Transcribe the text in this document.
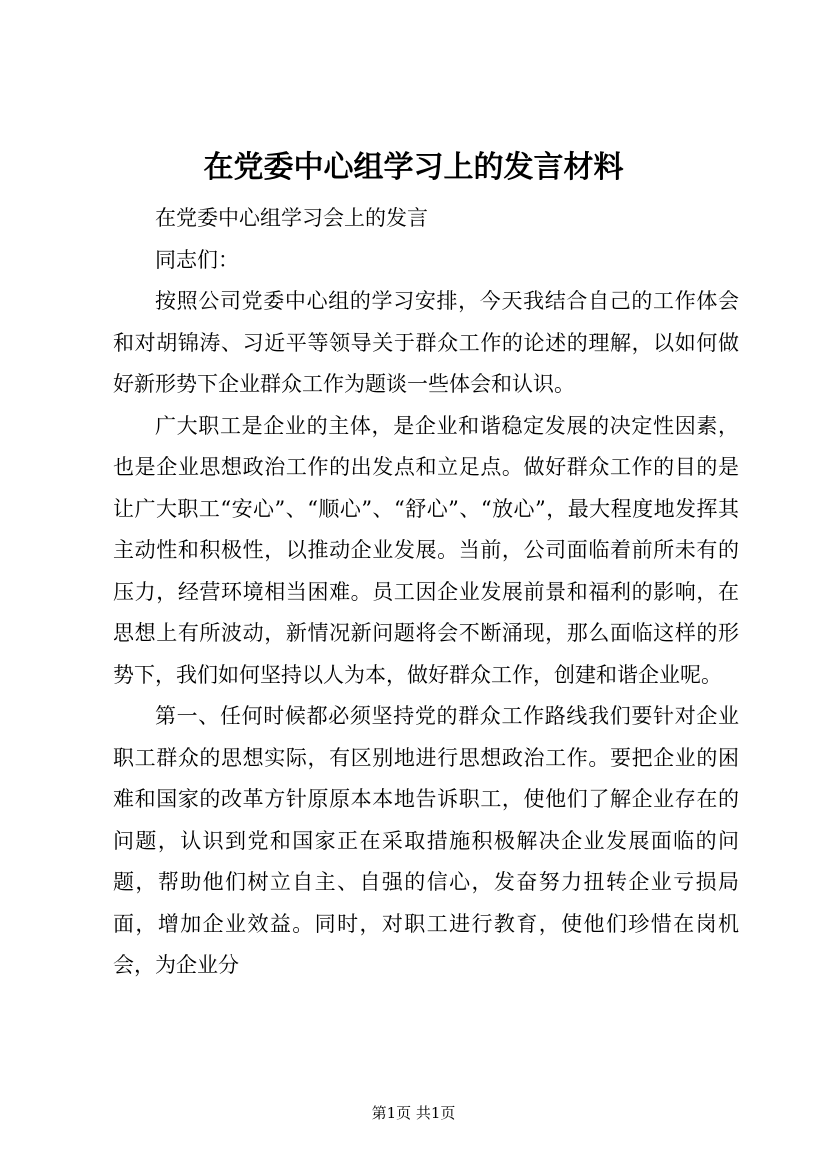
在党委中心组学习上的发言材料

在党委中心组学习会上的发言

同志们：

按照公司党委中心组的学习安排，今天我结合自己的工作体会和对胡锦涛、习近平等领导关于群众工作的论述的理解，以如何做好新形势下企业群众工作为题谈一些体会和认识。

广大职工是企业的主体，是企业和谐稳定发展的决定性因素，也是企业思想政治工作的出发点和立足点。做好群众工作的目的是让广大职工“安心”、“顺心”、“舒心”、“放心”，最大程度地发挥其主动性和积极性，以推动企业发展。当前，公司面临着前所未有的压力，经营环境相当困难。员工因企业发展前景和福利的影响，在思想上有所波动，新情况新问题将会不断涌现，那么面临这样的形势下，我们如何坚持以人为本，做好群众工作，创建和谐企业呢。

第一、任何时候都必须坚持党的群众工作路线我们要针对企业职工群众的思想实际，有区别地进行思想政治工作。要把企业的困难和国家的改革方针原原本本地告诉职工，使他们了解企业存在的问题，认识到党和国家正在采取措施积极解决企业发展面临的问题，帮助他们树立自主、自强的信心，发奋努力扭转企业亏损局面，增加企业效益。同时，对职工进行教育，使他们珍惜在岗机会，为企业分

第1页 共1页
